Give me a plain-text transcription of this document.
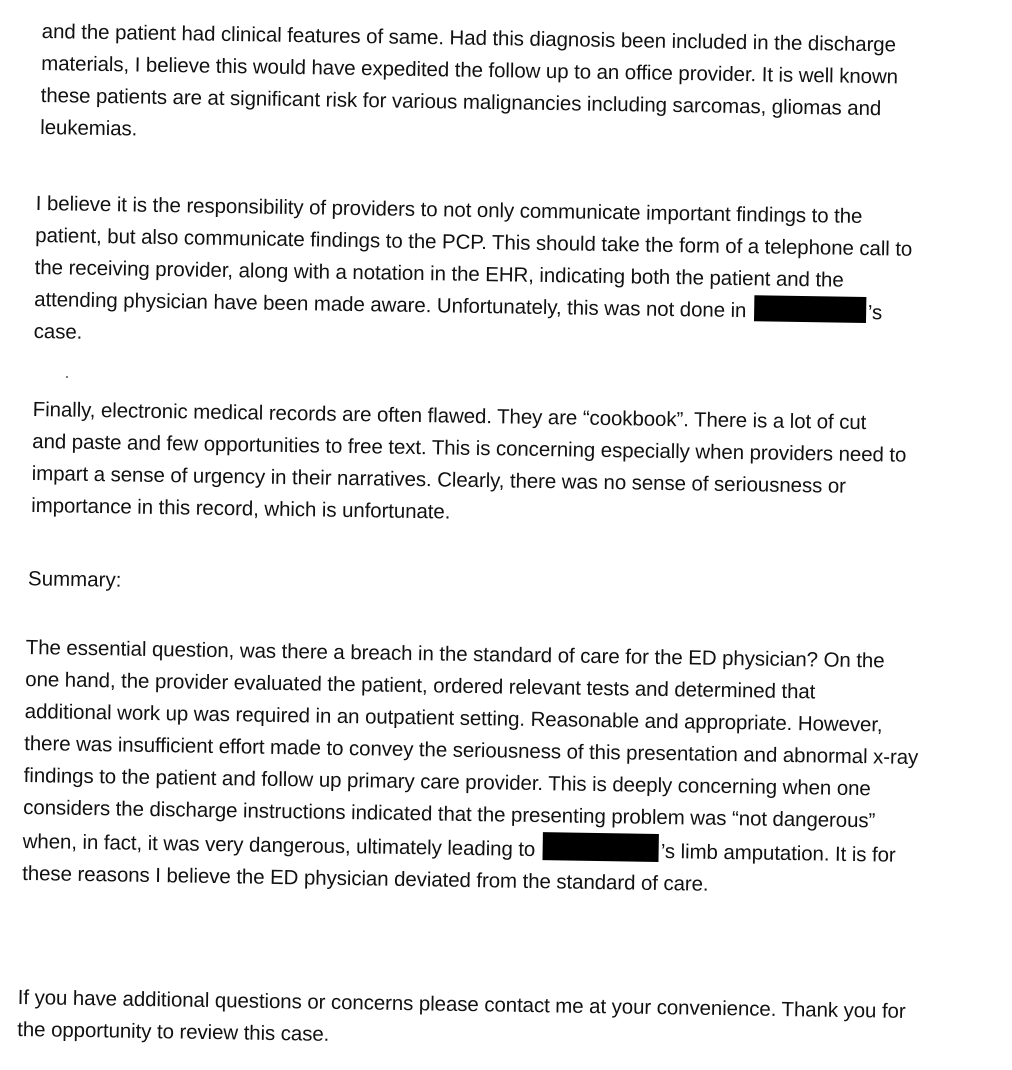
and the patient had clinical features of same. Had this diagnosis been included in the discharge
materials, I believe this would have expedited the follow up to an office provider. It is well known
these patients are at significant risk for various malignancies including sarcomas, gliomas and
leukemias.
I believe it is the responsibility of providers to not only communicate important findings to the
patient, but also communicate findings to the PCP. This should take the form of a telephone call to
the receiving provider, along with a notation in the EHR, indicating both the patient and the
attending physician have been made aware. Unfortunately, this was not done in	’s
case.
Finally, electronic medical records are often flawed. They are “cookbook”. There is a lot of cut
and paste and few opportunities to free text. This is concerning especially when providers need to
impart a sense of urgency in their narratives. Clearly, there was no sense of seriousness or
importance in this record, which is unfortunate.
Summary:
The essential question, was there a breach in the standard of care for the ED physician? On the
one hand, the provider evaluated the patient, ordered relevant tests and determined that
additional work up was required in an outpatient setting. Reasonable and appropriate. However,
there was insufficient effort made to convey the seriousness of this presentation and abnormal x-ray
findings to the patient and follow up primary care provider. This is deeply concerning when one
considers the discharge instructions indicated that the presenting problem was “not dangerous”
when, in fact, it was very dangerous, ultimately leading to	’s limb amputation. It is for
these reasons I believe the ED physician deviated from the standard of care.
If you have additional questions or concerns please contact me at your convenience. Thank you for
the opportunity to review this case.
